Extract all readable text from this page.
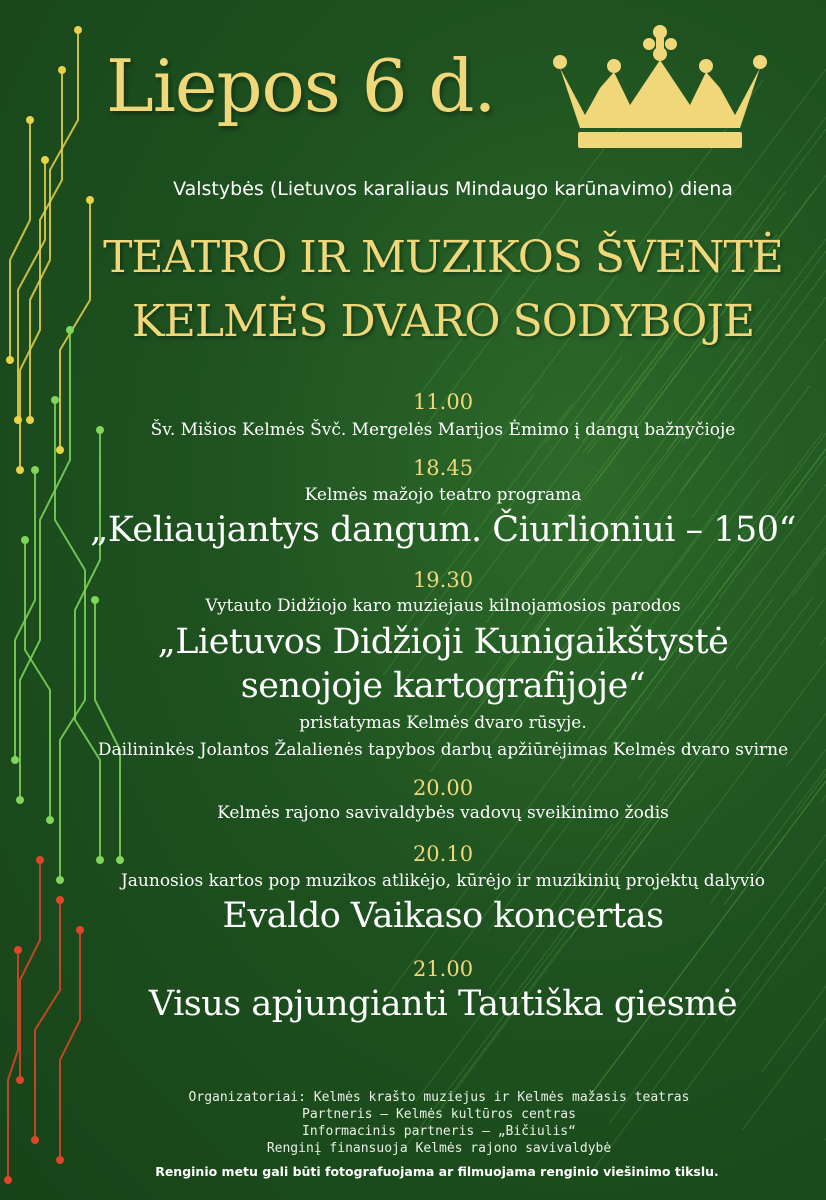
Liepos 6 d.
Valstybės (Lietuvos karaliaus Mindaugo karūnavimo) diena
TEATRO IR MUZIKOS ŠVENTĖ
KELMĖS DVARO SODYBOJE
11.00
Šv. Mišios Kelmės Švč. Mergelės Marijos Ėmimo į dangų bažnyčioje
18.45
Kelmės mažojo teatro programa
„Keliaujantys dangum. Čiurlioniui – 150“
19.30
Vytauto Didžiojo karo muziejaus kilnojamosios parodos
„Lietuvos Didžioji Kunigaikštystė
senojoje kartografijoje“
pristatymas Kelmės dvaro rūsyje.
Dailininkės Jolantos Žalalienės tapybos darbų apžiūrėjimas Kelmės dvaro svirne
20.00
Kelmės rajono savivaldybės vadovų sveikinimo žodis
20.10
Jaunosios kartos pop muzikos atlikėjo, kūrėjo ir muzikinių projektų dalyvio
Evaldo Vaikaso koncertas
21.00
Visus apjungianti Tautiška giesmė
Organizatoriai: Kelmės krašto muziejus ir Kelmės mažasis teatras
Partneris – Kelmės kultūros centras
Informacinis partneris – „Bičiulis“
Renginį finansuoja Kelmės rajono savivaldybė
Renginio metu gali būti fotografuojama ar filmuojama renginio viešinimo tikslu.
